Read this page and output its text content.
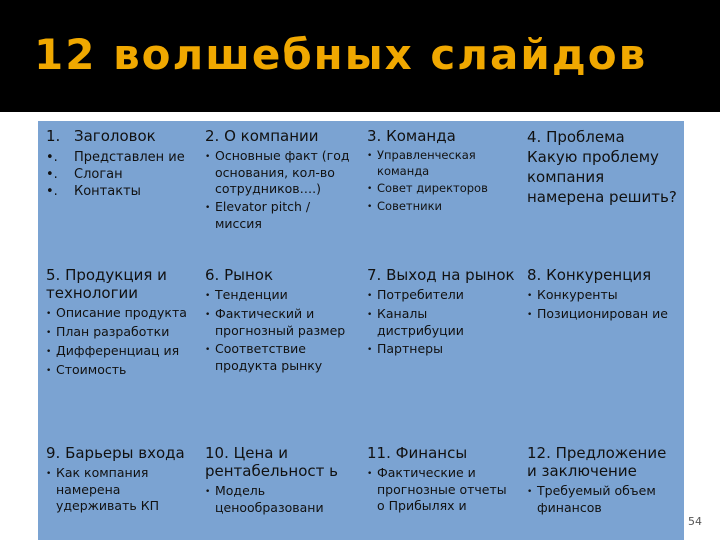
12 волшебных слайдов
1. Заголовок
•.	Представлен ие
•.	Слоган
•.	Контакты
2. О компании
• Основные факт (год основания, кол-во сотрудников….)
• Elevator pitch / миссия
3. Команда
• Управленческая команда
• Совет директоров
• Советники
4. Проблема Какую проблему компания намерена решить?
5. Продукция и технологии
• Описание продукта
• План разработки
• Дифференциац ия
• Стоимость
6. Рынок
• Тенденции
• Фактический и прогнозный размер
• Соответствие продукта рынку
7. Выход на рынок
• Потребители
• Каналы дистрибуции
• Партнеры
8. Конкуренция
• Конкуренты
• Позиционирован ие
9. Барьеры входа
• Как компания намерена удерживать КП
10. Цена и рентабельност ь
• Модель ценообразовани
11. Финансы
• Фактические и прогнозные отчеты о Прибылях и
12. Предложение и заключение
• Требуемый объем финансов
54
